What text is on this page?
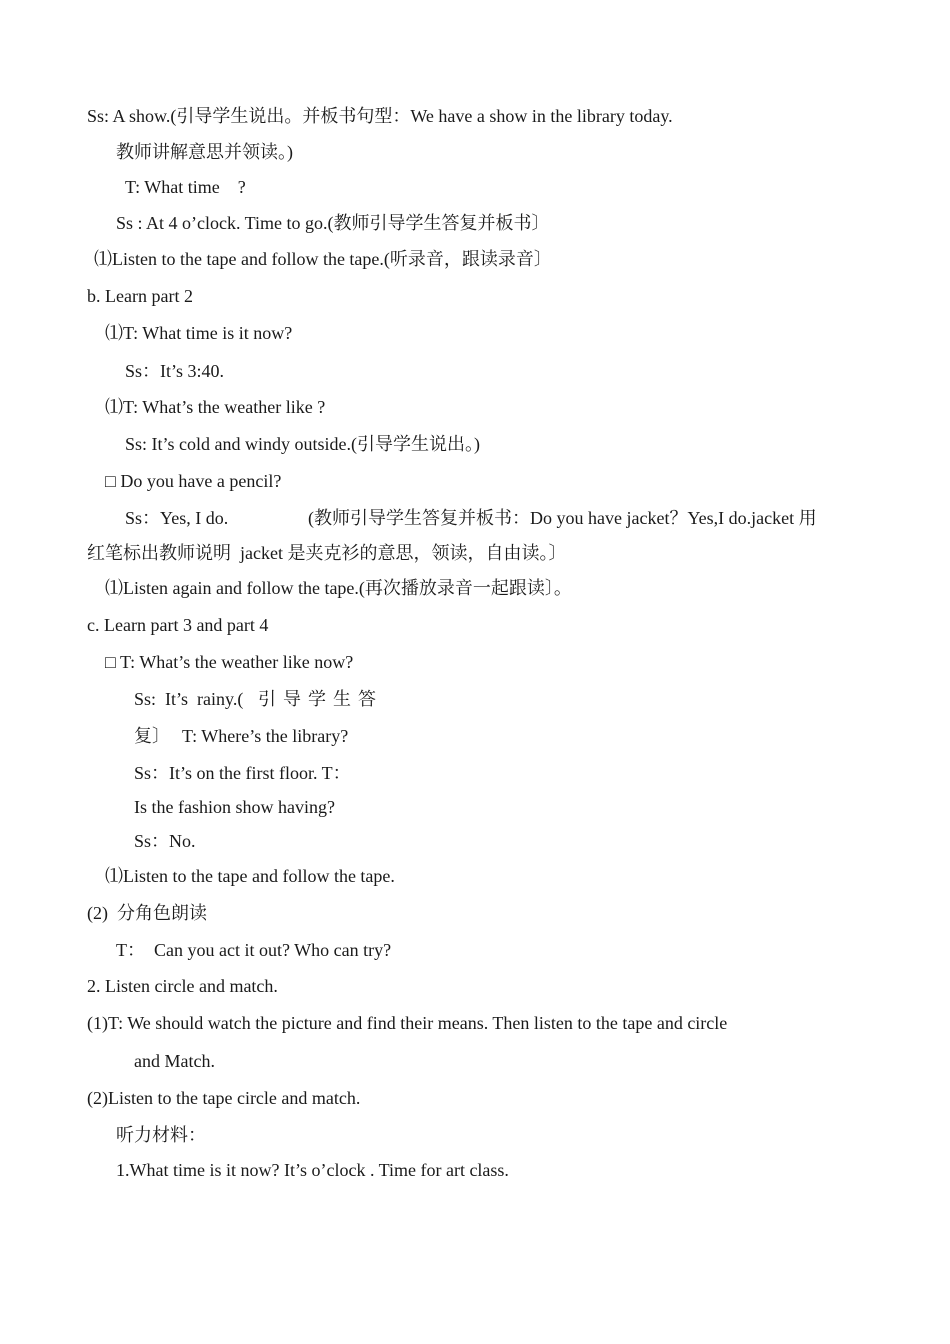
Ss: A show.(引导学生说出。并板书句型：We have a show in the library today.
教师讲解意思并领读。)
T: What time　?
Ss : At 4 o’clock. Time to go.(教师引导学生答复并板书〕
⑴Listen to the tape and follow the tape.(听录音，跟读录音〕
b. Learn part 2
⑴T: What time is it now?
Ss：It’s 3:40.
⑴T: What’s the weather like ?
Ss: It’s cold and windy outside.(引导学生说出。)
□ Do you have a pencil?
Ss：Yes, I do.	(教师引导学生答复并板书：Do you have jacket？Yes,I do.jacket 用
红笔标出教师说明  jacket 是夹克衫的意思，领读，自由读。〕
⑴Listen again and follow the tape.(再次播放录音一起跟读〕。
c. Learn part 3 and part 4
□ T: What’s the weather like now?
Ss:  It’s  rainy.( 引导学生答
复〕 T: Where’s the library?
Ss：It’s on the first floor. T：
Is the fashion show having?
Ss：No.
⑴Listen to the tape and follow the tape.
(2)  分角色朗读
T：　Can you act it out? Who can try?
2. Listen circle and match.
(1)T: We should watch the picture and find their means. Then listen to the tape and circle
and Match.
(2)Listen to the tape circle and match.
听力材料：
1.What time is it now? It’s o’clock . Time for art class.
